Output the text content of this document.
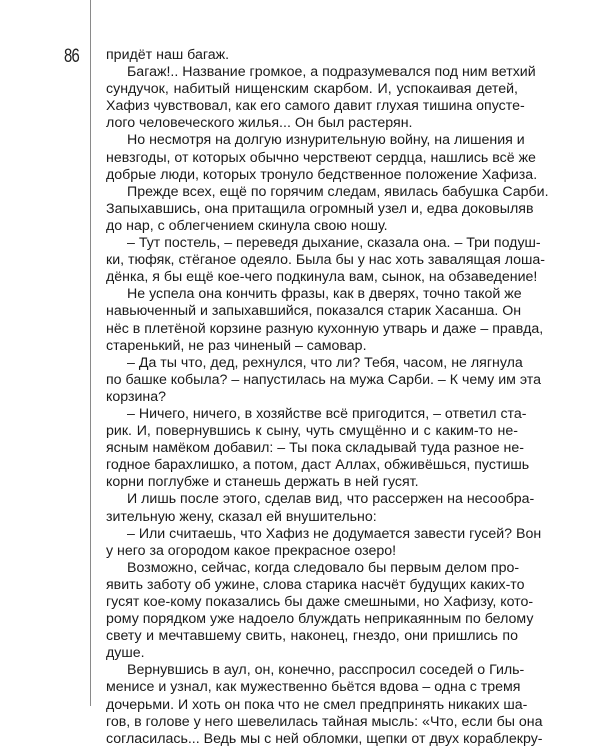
86 придёт наш багаж.
Багаж!.. Название громкое, а подразумевался под ним ветхий
сундучок, набитый нищенским скарбом. И, успокаивая детей,
Хафиз чувствовал, как его самого давит глухая тишина опусте-
лого человеческого жилья... Он был растерян.
Но несмотря на долгую изнурительную войну, на лишения и
невзгоды, от которых обычно черствеют сердца, нашлись всё же
добрые люди, которых тронуло бедственное положение Хафиза.
Прежде всех, ещё по горячим следам, явилась бабушка Сарби.
Запыхавшись, она притащила огромный узел и, едва доковыляв
до нар, с облегчением скинула свою ношу.
– Тут постель, – переведя дыхание, сказала она. – Три подуш-
ки, тюфяк, стёганое одеяло. Была бы у нас хоть завалящая лоша-
дёнка, я бы ещё кое-чего подкинула вам, сынок, на обзаведение!
Не успела она кончить фразы, как в дверях, точно такой же
навьюченный и запыхавшийся, показался старик Хасанша. Он
нёс в плетёной корзине разную кухонную утварь и даже – правда,
старенький, не раз чиненый – самовар.
– Да ты что, дед, рехнулся, что ли? Тебя, часом, не лягнула
по башке кобыла? – напустилась на мужа Сарби. – К чему им эта
корзина?
– Ничего, ничего, в хозяйстве всё пригодится, – ответил ста-
рик. И, повернувшись к сыну, чуть смущённо и с каким-то не-
ясным намёком добавил: – Ты пока складывай туда разное не-
годное барахлишко, а потом, даст Аллах, обживёшься, пустишь
корни поглубже и станешь держать в ней гусят.
И лишь после этого, сделав вид, что рассержен на несообра-
зительную жену, сказал ей внушительно:
– Или считаешь, что Хафиз не додумается завести гусей? Вон
у него за огородом какое прекрасное озеро!
Возможно, сейчас, когда следовало бы первым делом про-
явить заботу об ужине, слова старика насчёт будущих каких-то
гусят кое-кому показались бы даже смешными, но Хафизу, кото-
рому порядком уже надоело блуждать неприкаянным по белому
свету и мечтавшему свить, наконец, гнездо, они пришлись по
душе.
Вернувшись в аул, он, конечно, расспросил соседей о Гиль-
менисе и узнал, как мужественно бьётся вдова – одна с тремя
дочерьми. И хоть он пока что не смел предпринять никаких ша-
гов, в голове у него шевелилась тайная мысль: «Что, если бы она
согласилась... Ведь мы с ней обломки, щепки от двух кораблекру-
